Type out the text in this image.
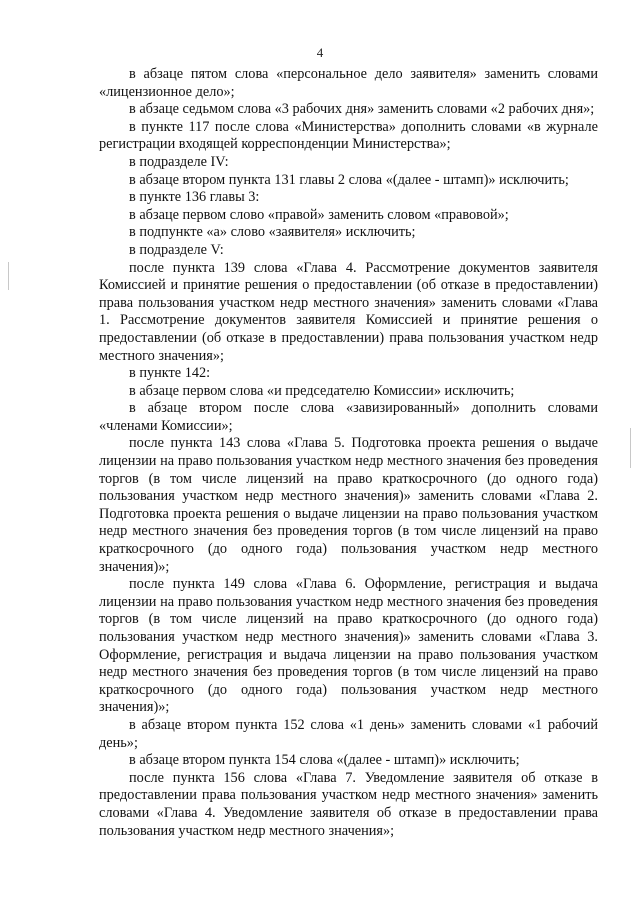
4

в абзаце пятом слова «персональное дело заявителя» заменить словами «лицензионное дело»;

в абзаце седьмом слова «3 рабочих дня» заменить словами «2 рабочих дня»;

в пункте 117 после слова «Министерства» дополнить словами «в журнале регистрации входящей корреспонденции Министерства»;

в подразделе IV:

в абзаце втором пункта 131 главы 2 слова «(далее - штамп)» исключить;

в пункте 136 главы 3:

в абзаце первом слово «правой» заменить словом «правовой»;

в подпункте «а» слово «заявителя» исключить;

в подразделе V:

после пункта 139 слова «Глава 4. Рассмотрение документов заявителя Комиссией и принятие решения о предоставлении (об отказе в предоставлении) права пользования участком недр местного значения» заменить словами «Глава 1. Рассмотрение документов заявителя Комиссией и принятие решения о предоставлении (об отказе в предоставлении) права пользования участком недр местного значения»;

в пункте 142:

в абзаце первом слова «и председателю Комиссии» исключить;

в абзаце втором после слова «завизированный» дополнить словами «членами Комиссии»;

после пункта 143 слова «Глава 5. Подготовка проекта решения о выдаче лицензии на право пользования участком недр местного значения без проведения торгов (в том числе лицензий на право краткосрочного (до одного года) пользования участком недр местного значения)» заменить словами «Глава 2. Подготовка проекта решения о выдаче лицензии на право пользования участком недр местного значения без проведения торгов (в том числе лицензий на право краткосрочного (до одного года) пользования участком недр местного значения)»;

после пункта 149 слова «Глава 6. Оформление, регистрация и выдача лицензии на право пользования участком недр местного значения без проведения торгов (в том числе лицензий на право краткосрочного (до одного года) пользования участком недр местного значения)» заменить словами «Глава 3. Оформление, регистрация и выдача лицензии на право пользования участком недр местного значения без проведения торгов (в том числе лицензий на право краткосрочного (до одного года) пользования участком недр местного значения)»;

в абзаце втором пункта 152 слова «1 день» заменить словами «1 рабочий день»;

в абзаце втором пункта 154 слова «(далее - штамп)» исключить;

после пункта 156 слова «Глава 7. Уведомление заявителя об отказе в предоставлении права пользования участком недр местного значения» заменить словами «Глава 4. Уведомление заявителя об отказе в предоставлении права пользования участком недр местного значения»;
